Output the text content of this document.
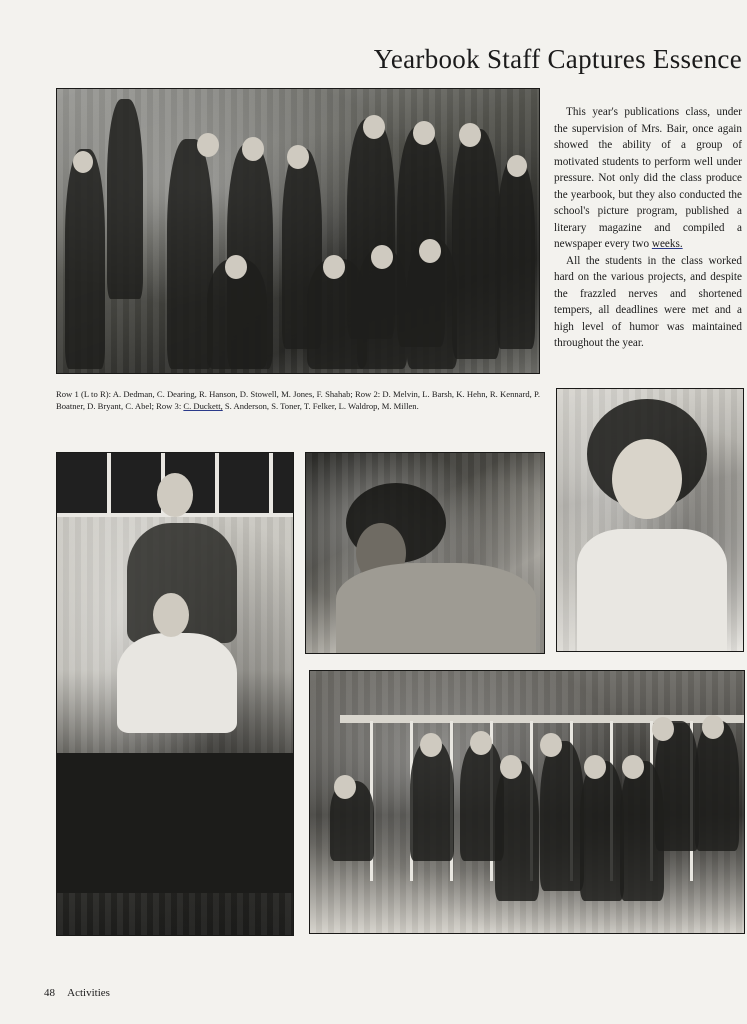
Yearbook Staff Captures Essence
Row 1 (L to R): A. Dedman, C. Dearing, R. Hanson, D. Stowell, M. Jones, F. Shahab; Row 2: D. Melvin, L. Barsh, K. Hehn, R. Kennard, P. Boatner, D. Bryant, C. Abel; Row 3: C. Duckett, S. Anderson, S. Toner, T. Felker, L. Waldrop, M. Millen.

This year's publications class, under the supervision of Mrs. Bair, once again showed the ability of a group of motivated students to perform well under pressure. Not only did the class produce the yearbook, but they also conducted the school's picture program, published a literary magazine and compiled a newspaper every two weeks.

All the students in the class worked hard on the various projects, and despite the frazzled nerves and shortened tempers, all deadlines were met and a high level of humor was maintained throughout the year.

48 Activities
